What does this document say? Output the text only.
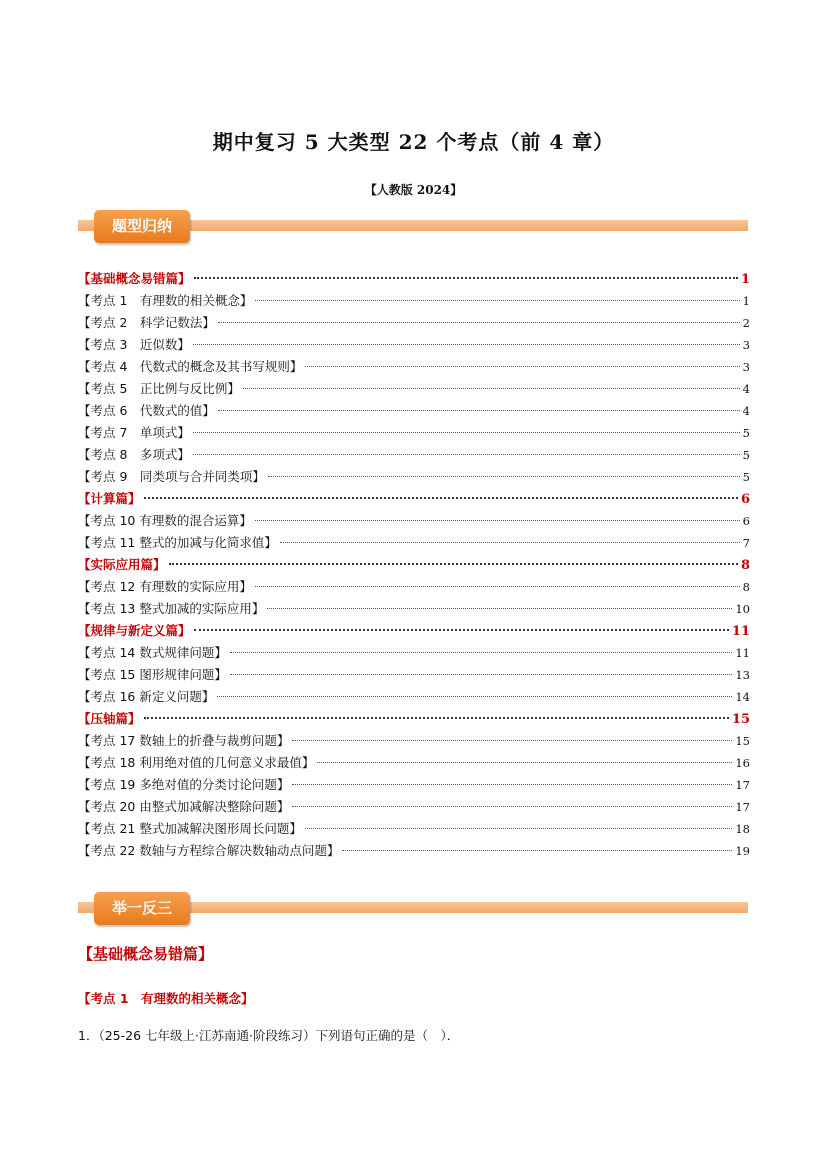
期中复习 5 大类型 22 个考点（前 4 章）
【人教版 2024】
题型归纳
【基础概念易错篇】	1
【考点 1　有理数的相关概念】	1
【考点 2　科学记数法】	2
【考点 3　近似数】	3
【考点 4　代数式的概念及其书写规则】	3
【考点 5　正比例与反比例】	4
【考点 6　代数式的值】	4
【考点 7　单项式】	5
【考点 8　多项式】	5
【考点 9　同类项与合并同类项】	5
【计算篇】	6
【考点 10 有理数的混合运算】	6
【考点 11 整式的加减与化简求值】	7
【实际应用篇】	8
【考点 12 有理数的实际应用】	8
【考点 13 整式加减的实际应用】	10
【规律与新定义篇】	11
【考点 14 数式规律问题】	11
【考点 15 图形规律问题】	13
【考点 16 新定义问题】	14
【压轴篇】	15
【考点 17 数轴上的折叠与裁剪问题】	15
【考点 18 利用绝对值的几何意义求最值】	16
【考点 19 多绝对值的分类讨论问题】	17
【考点 20 由整式加减解决整除问题】	17
【考点 21 整式加减解决图形周长问题】	18
【考点 22 数轴与方程综合解决数轴动点问题】	19
举一反三
【基础概念易错篇】
【考点 1　有理数的相关概念】
1．（25-26 七年级上·江苏南通·阶段练习）下列语句正确的是（　）．
